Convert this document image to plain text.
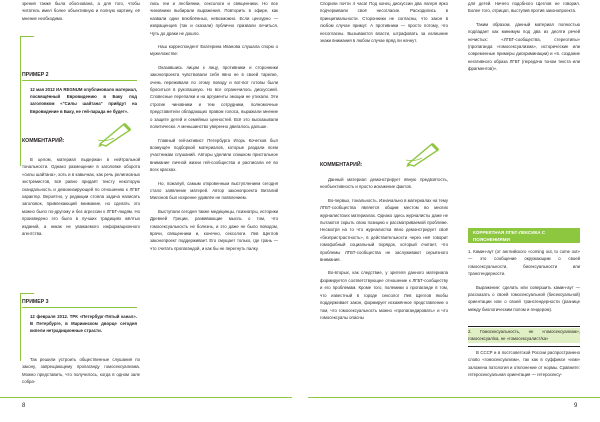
зрения также была обоснована, а для того, чтобы читатель имел более объективную и полную картину, её мнение необходимо.

ПРИМЕР 2
12 мая 2012 ИА REGNUM опубликовало материал, посвящённый Евровидению в Баку под заголовком «"Силы шайтана" прийдут на Евровидение в Баку, не гей-парада не будет».
КОММЕНТАРИЙ:

В целом, материал выдержан в нейтральной тональности. Однако размещение в заголовке оборота «силы шайтана», хоть и в кавычках, как речь религиозных экстремистов, всё равно придаёт тексту некоторую скандальность и демонизирующей по отношению к ЛГБТ характер. Вероятно, у редакции стояла задача написать заголовок, привлекающий внимание, но сделать это можно было по-другому и без агрессии к ЛГБТ-людям. Но произведено это было в лучших традициях жёлтых изданий, а никак не уважаемого информационного агентства.

ПРИМЕР 3
12 февраля 2012. ТРК «Петербург-Пятый канал». В Петербурге, в Мариинском дворце сегодня кипели нетрадиционные страсти.

Так решили устроить общественные слушания по закону, запрещающему пропаганду гомосексуализма. Можно представить, что получилось, когда в одном зале собра-

лись геи и лесбиянки, сексологи и священники. Но все чиновники выбирали выражения. Повторить в эфире, как назвали одни влюблённых, невозможно. Если цензурно — извращенцев (так и сказали) публично призвали лечиться. Чуть до драки не дошло.

Наш корреспондент Екатерина Иванова слушала спорю о мужеложстве:

Оказавшись лицом к лицу, противники и сторонники законопроекта чувствовали себя явно не в своей тарелке, очень переживали по этому поводу и вот-вот готовы были броситься в рукопашную. Но все ограничилось дискуссией. Словесные перепалки и на аргументы эмоции не утихали. Эти строгие чиновники и тем сотрудники, полномочные представители обладающих правом голоса, выражали мнение о защите детей и семейных ценностей. Всё это высказывали политически. А меньшинство уверенно двигалось дальше.

Главный гей-активист Петербурга Игорь Кочетков был возмущён подборкой материалов, которые раздали всем участникам слушаний. Авторы уделили слишком пристальное внимание личной жизни гей-сообщества и расписали её во всех красках.

Но, пожалуй, самым откровенным выступлением сегодня стало заявление матерей. Автор законопроекта Виталий Милонов был искренне удивлён не появлением.

Выступали сегодня также медицинцы, психиатры, историки Древней Греции, развивающие мысль о том, что гомосексуальность не болезнь, и это даже не было поводом, врачи, священники и, конечно, сексологи. Лев Щеглов законопроект поддерживает. Его смущает только, где грань — что считать пропагандой, и как бы не перегнуть палку.

8

Спорили почти 4 часа! Под конец дискуссии два лагеря ярко подчеркивали своё несогласие. Расходились в принципиальности. Сторонники не согласны, что закон в любом случае примут. А противники — просто потому, что несогласны. Вызываются власти, штрафовать за излишние знаки внимания в любом случае вряд ли начнут.

КОММЕНТАРИЙ:

Данный материал демонстрирует явную предвзятость, необъективность и просто искажение фактов.

Во-первых, тональность. Изначально в материалах на тему ЛГБТ-сообщества является общим местом во многих журналистских материалах. Однако здесь журналисты даже не пытаются скрыть свою позицию к рассматриваемой проблеме. Несмотря на то что журналистка явно демонстрирует своё «безпристрастность», в действительности через неё говорит гомофобный социальный порядок, который считает, что проблемы ЛГБТ-сообщества не заслуживают серьёзного внимания.

Во-вторых, как следствие, у зрителя данного материала формируется соответствующее отношение к ЛГБТ-сообществу и его проблемам. Кроме того, полемики о пропаганде в том, что известный в городе сексолог Лев Щеглов якобы поддерживает закон, формирует искажённое представление о том, что гомосексуальность можно «пропагандировать» и что гомосексуалы опасны

для детей. Ничего подобного Щеглов не говорил. Более того, отрицал, выступив против законопроекта.

Таким образом, данный материал полностью подпадает как минимум под два из десяти речей нечистых: «ЛГБТ-сообщества, стереотипы» (пропаганда «гомосексуализма», исторические или современные примеры дискриминации) и «6. создание негативного образа ЛГБТ (передача тоном текста или фрагментов)».

КОРРЕКТНАЯ ЛГБТ-ЛЕКСИКА С ПОЯСНЕНИЯМИ

1. Камин-аут (от английского «coming out, to come out» — это сообщение окружающим о своей гомосексуальности, бисексуальности или трансгендерности.

Выражение: сделать или совершить камин-аут — рассказать о своей гомосексуальной (бисексуальной) ориентации или о своей трансгендерности (разнице между биологическим полом и гендером).

2. Гомосексуальность, не «гомосексуализм», гомосексуал/ка, не «гомосексуалист/ка»

В СССР и в постсоветской России распространено слово «гомосексуализм», так как в суффиксе «изм» заложена патология и отклонение от нормы. Сравните: гетеросексуальная ориентация — гетеросексу-

9
